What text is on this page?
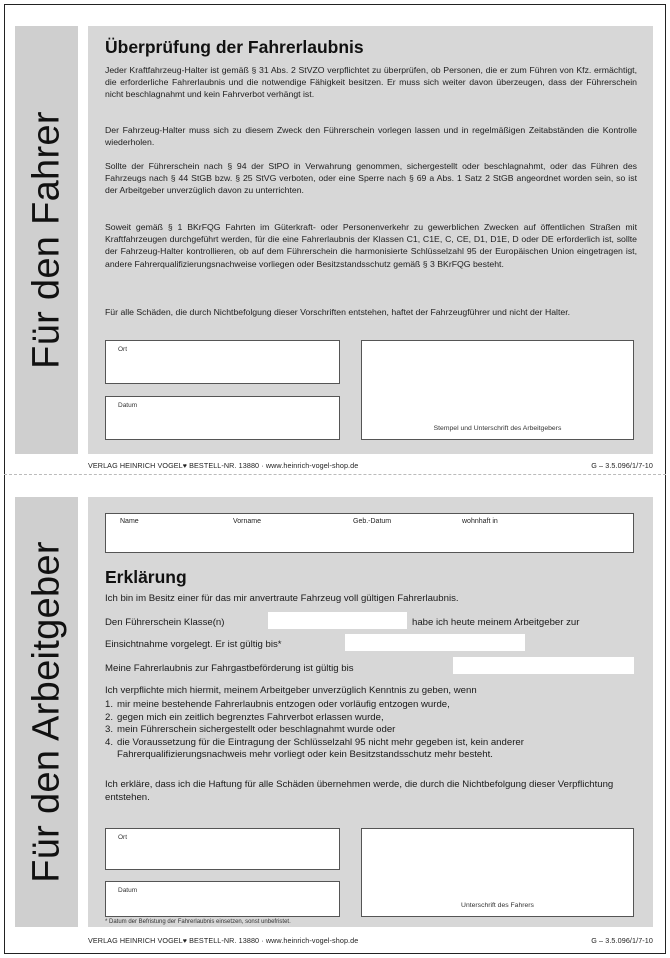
Für den Fahrer
Überprüfung der Fahrerlaubnis
Jeder Kraftfahrzeug-Halter ist gemäß § 31 Abs. 2 StVZO verpflichtet zu überprüfen, ob Personen, die er zum Führen von Kfz. ermächtigt, die erforderliche Fahrerlaubnis und die notwendige Fähigkeit besitzen. Er muss sich weiter davon überzeugen, dass der Führerschein nicht beschlagnahmt und kein Fahrverbot verhängt ist.
Der Fahrzeug-Halter muss sich zu diesem Zweck den Führerschein vorlegen lassen und in regelmäßigen Zeitabständen die Kontrolle wiederholen.
Sollte der Führerschein nach § 94 der StPO in Verwahrung genommen, sichergestellt oder beschlagnahmt, oder das Führen des Fahrzeugs nach § 44 StGB bzw. § 25 StVG verboten, oder eine Sperre nach § 69 a Abs. 1 Satz 2 StGB angeordnet worden sein, so ist der Arbeitgeber unverzüglich davon zu unterrichten.
Soweit gemäß § 1 BKrFQG Fahrten im Güterkraft- oder Personenverkehr zu gewerblichen Zwecken auf öffentlichen Straßen mit Kraftfahrzeugen durchgeführt werden, für die eine Fahrerlaubnis der Klassen C1, C1E, C, CE, D1, D1E, D oder DE erforderlich ist, sollte der Fahrzeug-Halter kontrollieren, ob auf dem Führerschein die harmonisierte Schlüsselzahl 95 der Europäischen Union eingetragen ist, andere Fahrerqualifizierungsnachweise vorliegen oder Besitzstandsschutz gemäß § 3 BKrFQG besteht.
Für alle Schäden, die durch Nichtbefolgung dieser Vorschriften entstehen, haftet der Fahrzeugführer und nicht der Halter.
Ort
Datum
Stempel und Unterschrift des Arbeitgebers
VERLAG HEINRICH VOGEL♥ BESTELL-NR. 13880 · www.heinrich-vogel-shop.de	G – 3.5.096/1/7-10
Für den Arbeitgeber
Name	Vorname	Geb.-Datum	wohnhaft in
Erklärung
Ich bin im Besitz einer für das mir anvertraute Fahrzeug voll gültigen Fahrerlaubnis.
Den Führerschein Klasse(n)	habe ich heute meinem Arbeitgeber zur
Einsichtnahme vorgelegt. Er ist gültig bis*
Meine Fahrerlaubnis zur Fahrgastbeförderung ist gültig bis
Ich verpflichte mich hiermit, meinem Arbeitgeber unverzüglich Kenntnis zu geben, wenn
1. mir meine bestehende Fahrerlaubnis entzogen oder vorläufig entzogen wurde,
2. gegen mich ein zeitlich begrenztes Fahrverbot erlassen wurde,
3. mein Führerschein sichergestellt oder beschlagnahmt wurde oder
4. die Voraussetzung für die Eintragung der Schlüsselzahl 95 nicht mehr gegeben ist, kein anderer Fahrerqualifizierungsnachweis mehr vorliegt oder kein Besitzstandsschutz mehr besteht.
Ich erkläre, dass ich die Haftung für alle Schäden übernehmen werde, die durch die Nichtbefolgung dieser Verpflichtung entstehen.
Ort
Datum
Unterschrift des Fahrers
* Datum der Befristung der Fahrerlaubnis einsetzen, sonst unbefristet.
VERLAG HEINRICH VOGEL♥ BESTELL-NR. 13880 · www.heinrich-vogel-shop.de	G – 3.5.096/1/7-10
